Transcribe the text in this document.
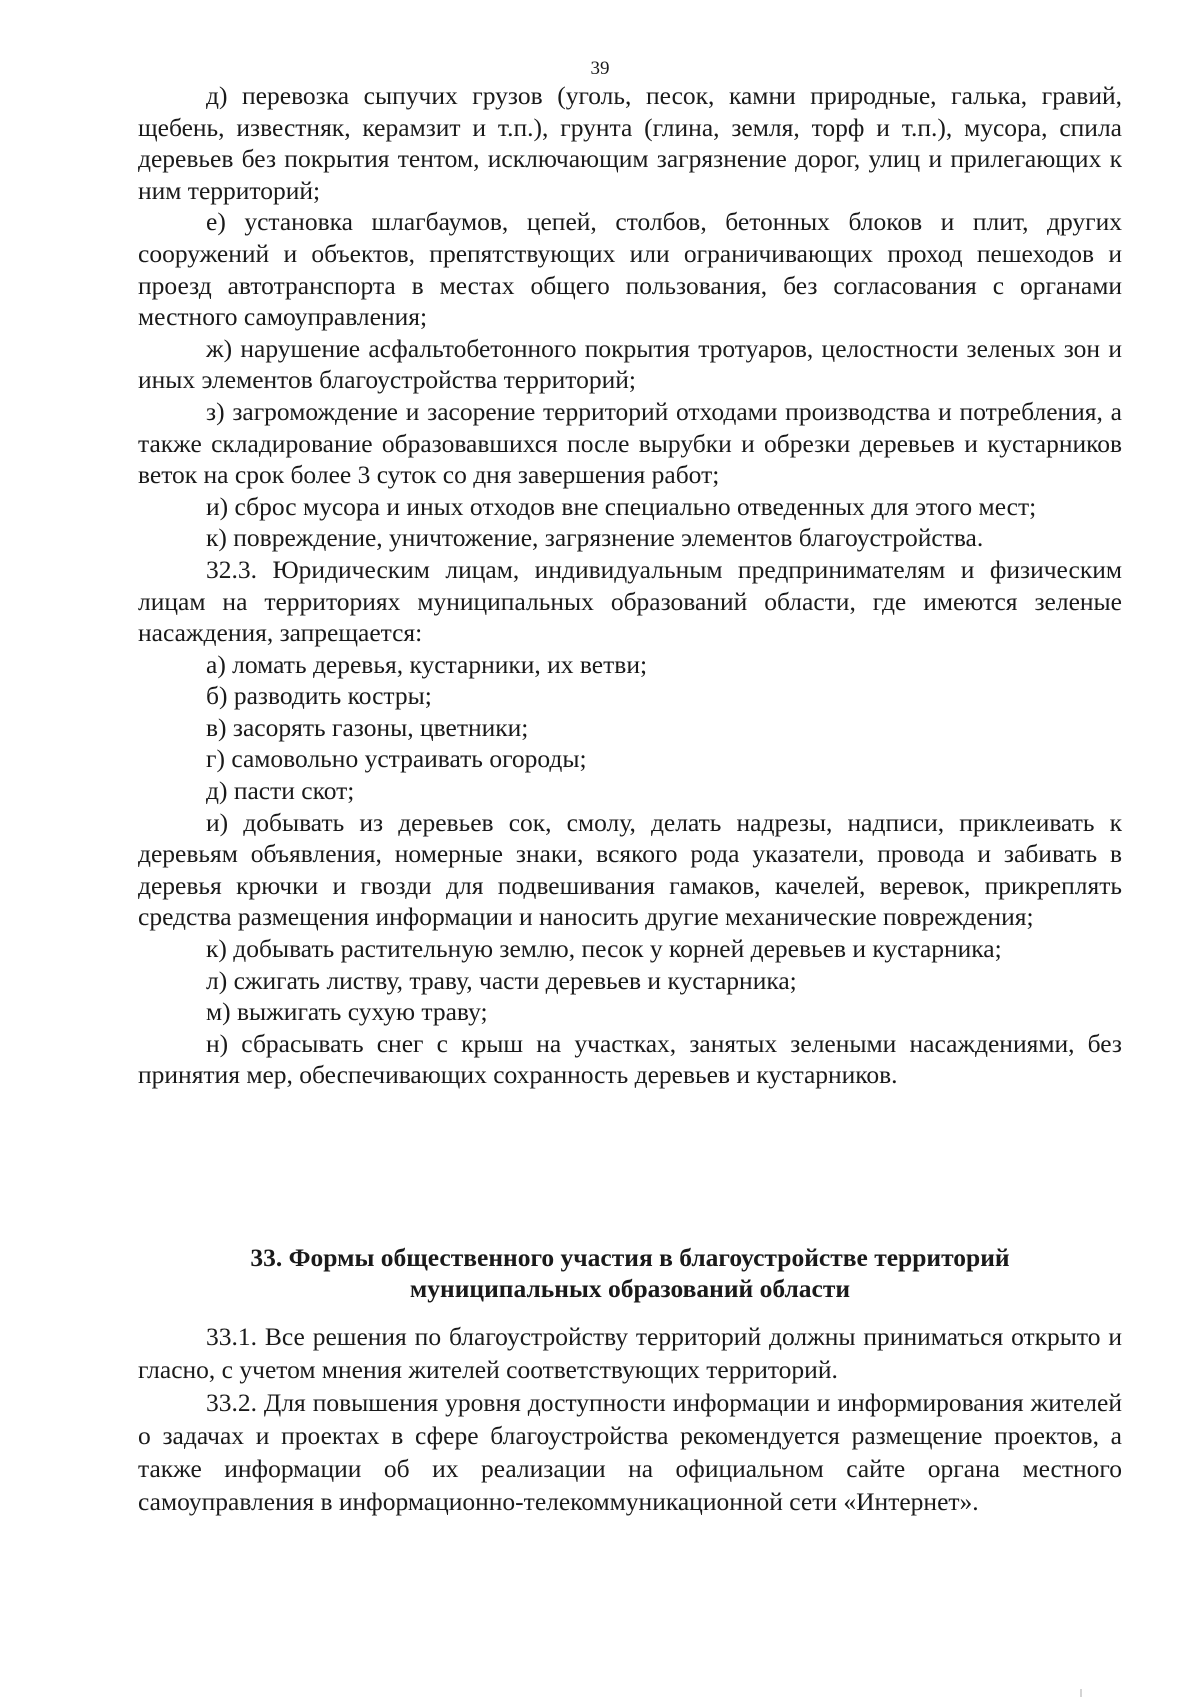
39

д) перевозка сыпучих грузов (уголь, песок, камни природные, галька, гравий, щебень, известняк, керамзит и т.п.), грунта (глина, земля, торф и т.п.), мусора, спила деревьев без покрытия тентом, исключающим загрязнение дорог, улиц и прилегающих к ним территорий;

е) установка шлагбаумов, цепей, столбов, бетонных блоков и плит, других сооружений и объектов, препятствующих или ограничивающих проход пешеходов и проезд автотранспорта в местах общего пользования, без согласования с органами местного самоуправления;

ж) нарушение асфальтобетонного покрытия тротуаров, целостности зеленых зон и иных элементов благоустройства территорий;

з) загромождение и засорение территорий отходами производства и потребления, а также складирование образовавшихся после вырубки и обрезки деревьев и кустарников веток на срок более 3 суток со дня завершения работ;

и) сброс мусора и иных отходов вне специально отведенных для этого мест;

к) повреждение, уничтожение, загрязнение элементов благоустройства.

32.3. Юридическим лицам, индивидуальным предпринимателям и физическим лицам на территориях муниципальных образований области, где имеются зеленые насаждения, запрещается:

а) ломать деревья, кустарники, их ветви;

б) разводить костры;

в) засорять газоны, цветники;

г) самовольно устраивать огороды;

д) пасти скот;

и) добывать из деревьев сок, смолу, делать надрезы, надписи, приклеивать к деревьям объявления, номерные знаки, всякого рода указатели, провода и забивать в деревья крючки и гвозди для подвешивания гамаков, качелей, веревок, прикреплять средства размещения информации и наносить другие механические повреждения;

к) добывать растительную землю, песок у корней деревьев и кустарника;

л) сжигать листву, траву, части деревьев и кустарника;

м) выжигать сухую траву;

н) сбрасывать снег с крыш на участках, занятых зелеными насаждениями, без принятия мер, обеспечивающих сохранность деревьев и кустарников.

33. Формы общественного участия в благоустройстве территорий
муниципальных образований области

33.1. Все решения по благоустройству территорий должны приниматься открыто и гласно, с учетом мнения жителей соответствующих территорий.

33.2. Для повышения уровня доступности информации и информирования жителей о задачах и проектах в сфере благоустройства рекомендуется размещение проектов, а также информации об их реализации на официальном сайте органа местного самоуправления в информационно-телекоммуникационной сети «Интернет».
